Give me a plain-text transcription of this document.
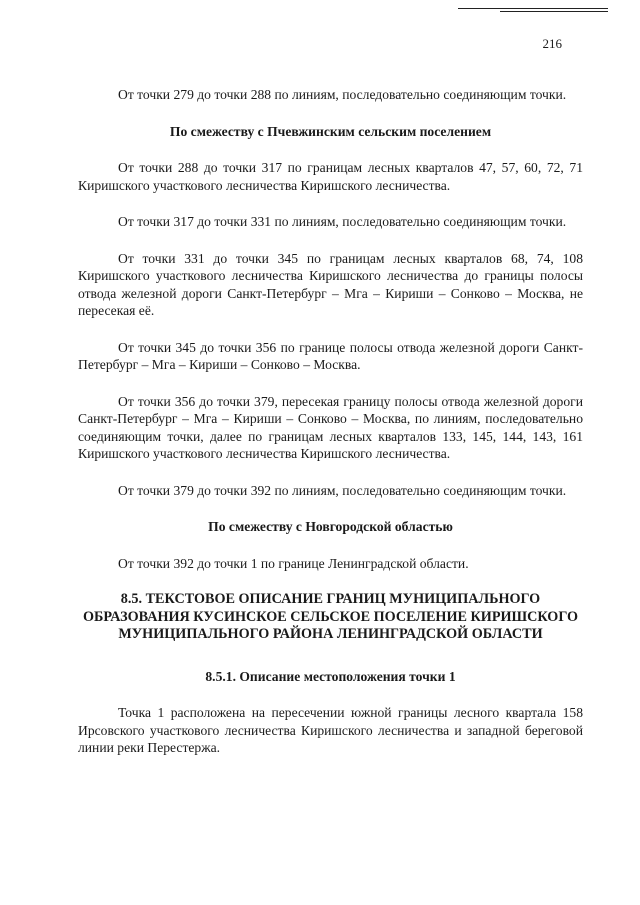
216

От точки 279 до точки 288 по линиям, последовательно соединяющим точки.

По смежеству с Пчевжинским сельским поселением

От точки 288 до точки 317 по границам лесных кварталов 47, 57, 60, 72, 71 Киришского участкового лесничества Киришского лесничества.

От точки 317 до точки 331 по линиям, последовательно соединяющим точки.

От точки 331 до точки 345 по границам лесных кварталов 68, 74, 108 Киришского участкового лесничества Киришского лесничества до границы полосы отвода железной дороги Санкт-Петербург – Мга – Кириши – Сонково – Москва, не пересекая её.

От точки 345 до точки 356 по границе полосы отвода железной дороги Санкт-Петербург – Мга – Кириши – Сонково – Москва.

От точки 356 до точки 379, пересекая границу полосы отвода железной дороги Санкт-Петербург – Мга – Кириши – Сонково – Москва, по линиям, последовательно соединяющим точки, далее по границам лесных кварталов 133, 145, 144, 143, 161 Киришского участкового лесничества Киришского лесничества.

От точки 379 до точки 392 по линиям, последовательно соединяющим точки.

По смежеству с Новгородской областью

От точки 392 до точки 1 по границе Ленинградской области.

8.5. ТЕКСТОВОЕ ОПИСАНИЕ ГРАНИЦ МУНИЦИПАЛЬНОГО ОБРАЗОВАНИЯ КУСИНСКОЕ СЕЛЬСКОЕ ПОСЕЛЕНИЕ КИРИШСКОГО МУНИЦИПАЛЬНОГО РАЙОНА ЛЕНИНГРАДСКОЙ ОБЛАСТИ
8.5.1. Описание местоположения точки 1

Точка 1 расположена на пересечении южной границы лесного квартала 158 Ирсовского участкового лесничества Киришского лесничества и западной береговой линии реки Перестержа.
